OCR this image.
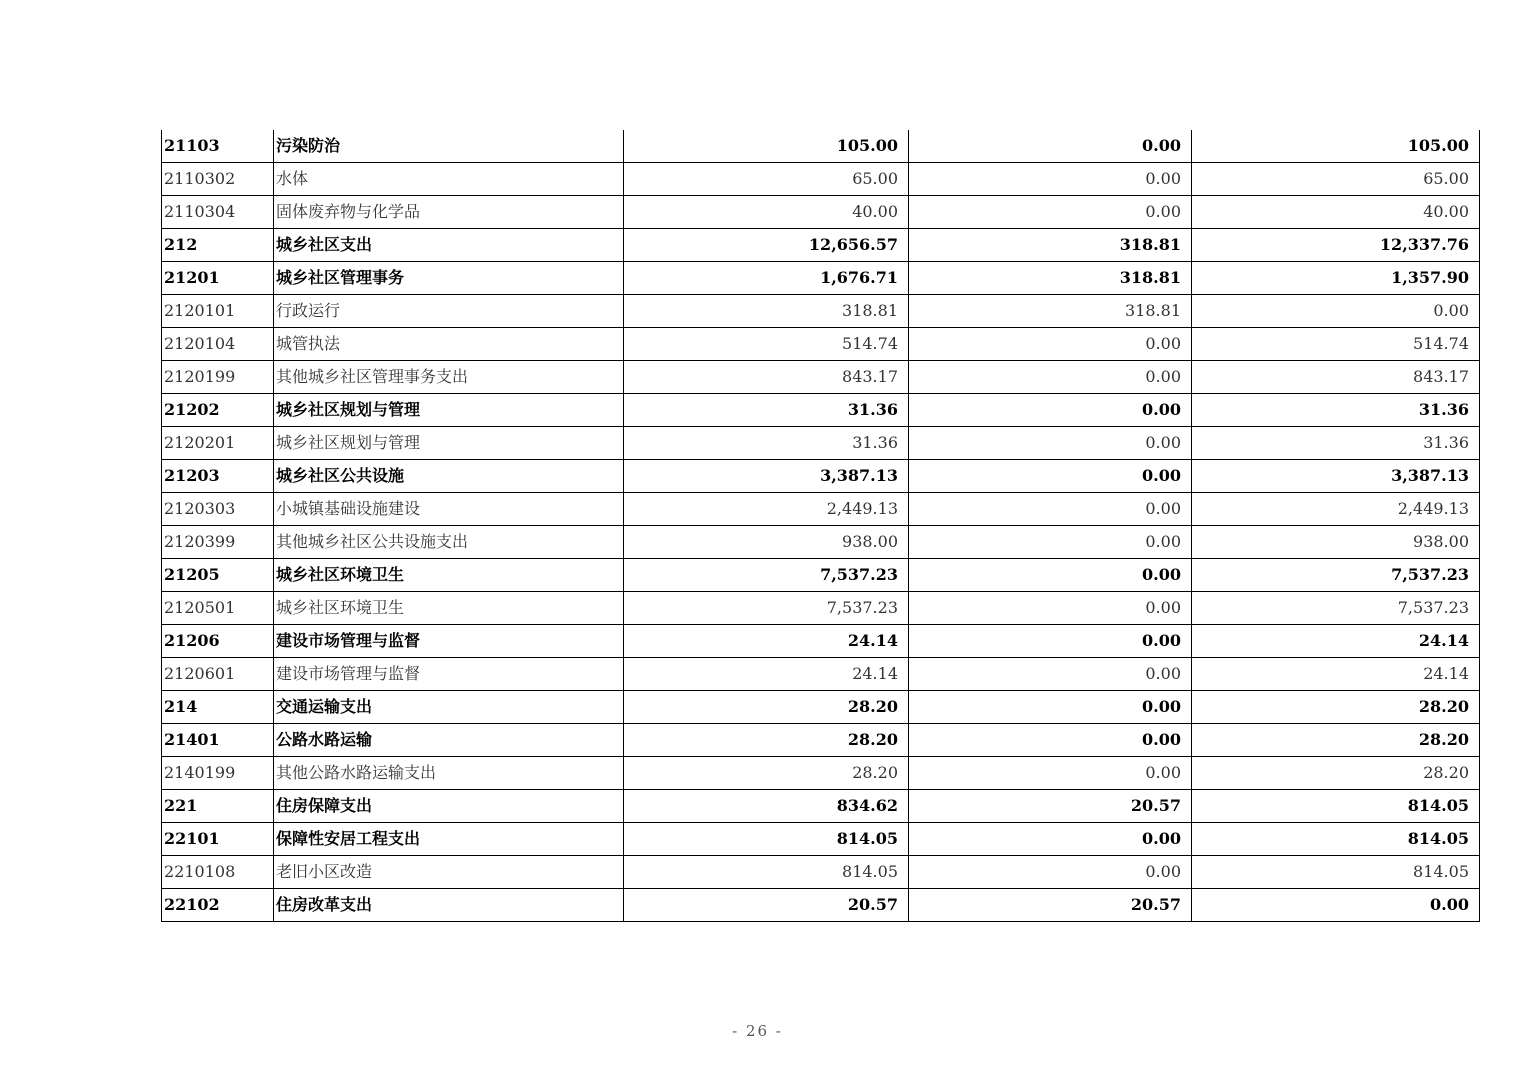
21103	污染防治	105.00	0.00	105.00
2110302	水体	65.00	0.00	65.00
2110304	固体废弃物与化学品	40.00	0.00	40.00
212	城乡社区支出	12,656.57	318.81	12,337.76
21201	城乡社区管理事务	1,676.71	318.81	1,357.90
2120101	行政运行	318.81	318.81	0.00
2120104	城管执法	514.74	0.00	514.74
2120199	其他城乡社区管理事务支出	843.17	0.00	843.17
21202	城乡社区规划与管理	31.36	0.00	31.36
2120201	城乡社区规划与管理	31.36	0.00	31.36
21203	城乡社区公共设施	3,387.13	0.00	3,387.13
2120303	小城镇基础设施建设	2,449.13	0.00	2,449.13
2120399	其他城乡社区公共设施支出	938.00	0.00	938.00
21205	城乡社区环境卫生	7,537.23	0.00	7,537.23
2120501	城乡社区环境卫生	7,537.23	0.00	7,537.23
21206	建设市场管理与监督	24.14	0.00	24.14
2120601	建设市场管理与监督	24.14	0.00	24.14
214	交通运输支出	28.20	0.00	28.20
21401	公路水路运输	28.20	0.00	28.20
2140199	其他公路水路运输支出	28.20	0.00	28.20
221	住房保障支出	834.62	20.57	814.05
22101	保障性安居工程支出	814.05	0.00	814.05
2210108	老旧小区改造	814.05	0.00	814.05
22102	住房改革支出	20.57	20.57	0.00
- 26 -
